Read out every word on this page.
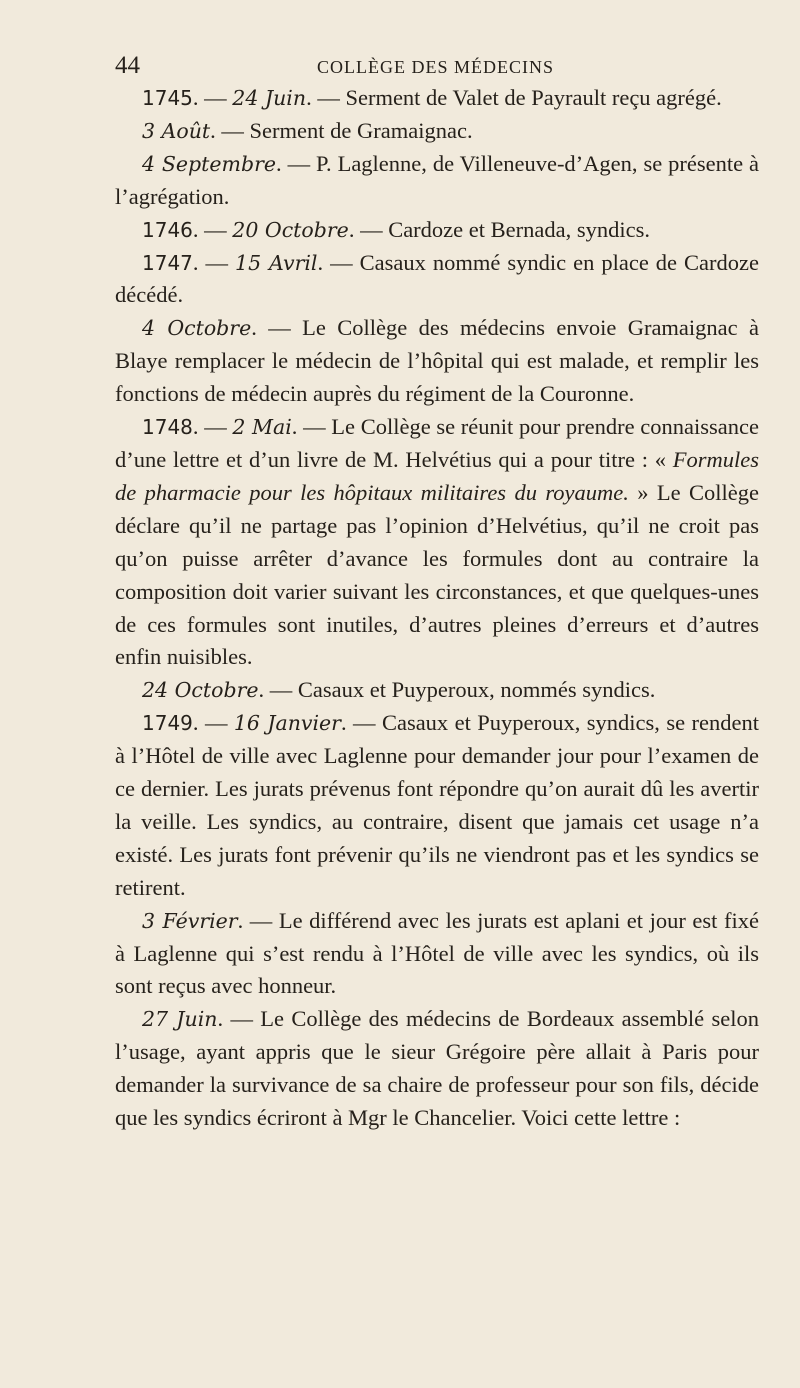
44	COLLÈGE DES MÉDECINS

1745. — 24 Juin. — Serment de Valet de Payrault reçu agrégé.

3 Août. — Serment de Gramaignac.

4 Septembre. — P. Laglenne, de Villeneuve-d’Agen, se présente à l’agrégation.

1746. — 20 Octobre. — Cardoze et Bernada, syndics.

1747. — 15 Avril. — Casaux nommé syndic en place de Cardoze décédé.

4 Octobre. — Le Collège des médecins envoie Gramaignac à Blaye remplacer le médecin de l’hôpital qui est malade, et remplir les fonctions de médecin auprès du régiment de la Couronne.

1748. — 2 Mai. — Le Collège se réunit pour prendre connaissance d’une lettre et d’un livre de M. Helvétius qui a pour titre : « Formules de pharmacie pour les hôpitaux militaires du royaume. » Le Collège déclare qu’il ne partage pas l’opinion d’Helvétius, qu’il ne croit pas qu’on puisse arrêter d’avance les formules dont au contraire la composition doit varier suivant les circonstances, et que quelques-unes de ces formules sont inutiles, d’autres pleines d’erreurs et d’autres enfin nuisibles.

24 Octobre. — Casaux et Puyperoux, nommés syndics.

1749. — 16 Janvier. — Casaux et Puyperoux, syndics, se rendent à l’Hôtel de ville avec Laglenne pour demander jour pour l’examen de ce dernier. Les jurats prévenus font répondre qu’on aurait dû les avertir la veille. Les syndics, au contraire, disent que jamais cet usage n’a existé. Les jurats font prévenir qu’ils ne viendront pas et les syndics se retirent.

3 Février. — Le différend avec les jurats est aplani et jour est fixé à Laglenne qui s’est rendu à l’Hôtel de ville avec les syndics, où ils sont reçus avec honneur.

27 Juin. — Le Collège des médecins de Bordeaux assemblé selon l’usage, ayant appris que le sieur Grégoire père allait à Paris pour demander la survivance de sa chaire de professeur pour son fils, décide que les syndics écriront à Mgr le Chancelier. Voici cette lettre :
